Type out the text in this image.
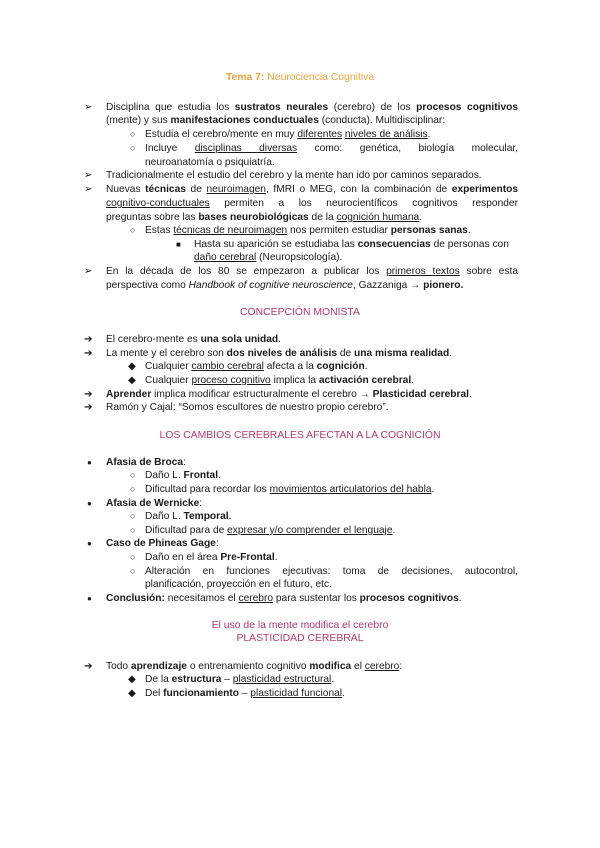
Tema 7: Neurociencia Cognitiva
➢ Disciplina que estudia los sustratos neurales (cerebro) de los procesos cognitivos
(mente) y sus manifestaciones conductuales (conducta). Multidisciplinar:
○ Estudia el cerebro/mente en muy diferentes niveles de análisis.
○ Incluye disciplinas diversas como: genética, biología molecular,
neuroanatomía o psiquiatría.
➢ Tradicionalmente el estudio del cerebro y la mente han ido por caminos separados.
➢ Nuevas técnicas de neuroimagen, fMRI o MEG, con la combinación de experimentos
cognitivo-conductuales permiten a los neurocientíficos cognitivos responder
preguntas sobre las bases neurobiológicas de la cognición humana.
○ Estas técnicas de neuroimagen nos permiten estudiar personas sanas.
■ Hasta su aparición se estudiaba las consecuencias de personas con
daño cerebral (Neuropsicología).
➢ En la década de los 80 se empezaron a publicar los primeros textos sobre esta
perspectiva como Handbook of cognitive neuroscience, Gazzaniga → pionero.
CONCEPCIÓN MONISTA
➔ El cerebro-mente es una sola unidad.
➔ La mente y el cerebro son dos niveles de análisis de una misma realidad.
◆ Cualquier cambio cerebral afecta a la cognición.
◆ Cualquier proceso cognitivo implica la activación cerebral.
➔ Aprender implica modificar estructuralmente el cerebro → Plasticidad cerebral.
➔ Ramón y Cajal: “Somos escultores de nuestro propio cerebro”.
LOS CAMBIOS CEREBRALES AFECTAN A LA COGNICIÓN
● Afasia de Broca:
○ Daño L. Frontal.
○ Dificultad para recordar los movimientos articulatorios del habla.
● Afasia de Wernicke:
○ Daño L. Temporal.
○ Dificultad para de expresar y/o comprender el lenguaje.
● Caso de Phineas Gage:
○ Daño en el área Pre-Frontal.
○ Alteración en funciones ejecutivas: toma de decisiones, autocontrol,
planificación, proyección en el futuro, etc.
● Conclusión: necesitamos el cerebro para sustentar los procesos cognitivos.
El uso de la mente modifica el cerebro
PLASTICIDAD CEREBRAL
➔ Todo aprendizaje o entrenamiento cognitivo modifica el cerebro:
◆ De la estructura – plasticidad estructural.
◆ Del funcionamiento – plasticidad funcional.
